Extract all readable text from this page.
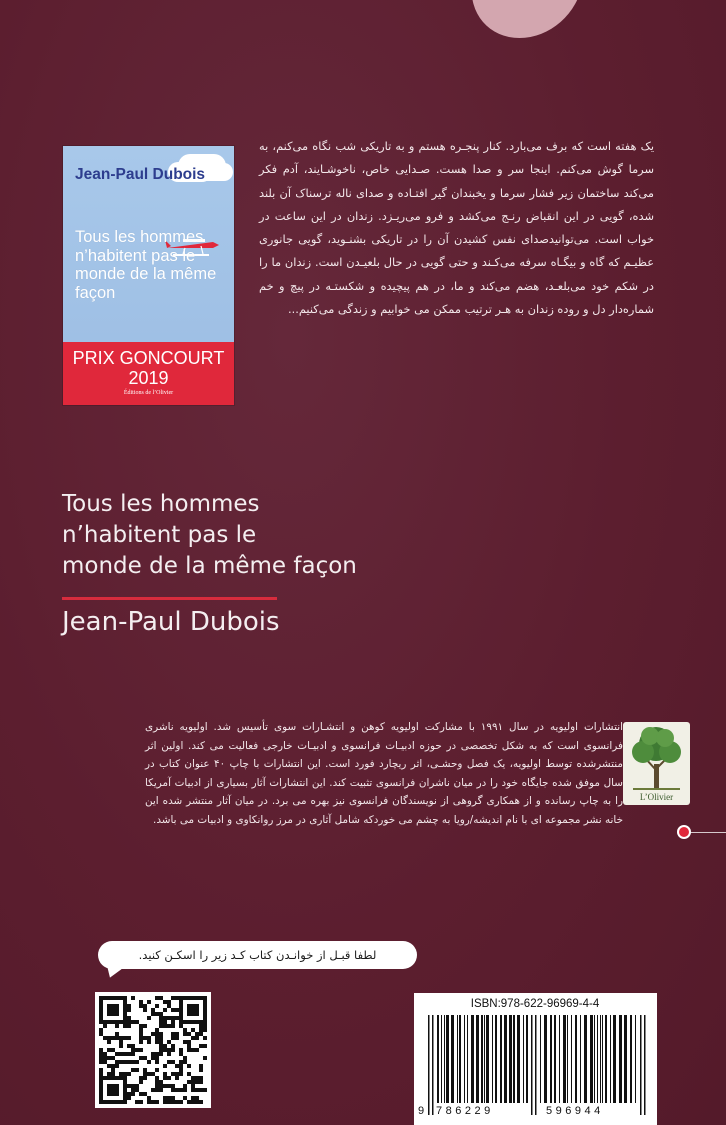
Jean-Paul Dubois
Tous les hommes n’habitent pas le monde de la même façon
PRIX GONCOURT
2019
Éditions de l’Olivier
یک هفته است که برف می‌بارد. کنار پنجـره هستم و به تاریکی شب نگاه می‌کنم، به سرما گوش می‌کنم. اینجا سر و صدا هست. صـدایی خاص، ناخوشـایند، آدم فکر می‌کند ساختمان زیر فشار سرما و یخبندان گیر افتـاده و صدای ناله ترسناک آن بلند شده، گویی در این انقباض رنـج می‌کشد و فرو می‌ریـزد. زندان در این ساعت در خواب است. می‌توانیدصدای نفس کشیدن آن را در تاریکی بشنـوید، گویی جانوری عظیـم که گاه و بیگـاه سرفه می‌کـند و حتی گویی در حال بلعیـدن است. زندان ما را در شکم خود می‌بلعـد، هضم می‌کند و ما، در هم پیچیده و شکستـه در پیچ و خم شماره‌دار دل و روده زندان به هـر ترتیب ممکن می خوابیم و زندگی می‌کنیم...
Tous les hommes
n’habitent pas le
monde de la même façon
Jean-Paul Dubois
انتشارات اولیویه در سال ۱۹۹۱ با مشارکت اولیویه کوهن و انتشـارات سوی تأسیس شد. اولیویه ناشری فرانسوی است که به شکل تخصصی در حوزه ادبیـات فرانسوی و ادبیـات خارجی فعالیت می کند. اولین اثر منتشرشده توسط اولیویه، یک فصل وحشـی، اثر ریچارد فورد است. این انتشارات با چاپ ۴۰ عنوان کتاب در سال موفق شده جایگاه خود را در میان ناشران فرانسوی تثبیت کند. این انتشارات آثار بسیاری از ادبیات آمریکا را به چاپ رسانده و از همکاری گروهی از نویسندگان فرانسوی نیز بهره می برد. در میان آثار منتشر شده این خانه نشر مجموعه ای با نام اندیشه/رویا به چشم می خوردکه شامل آثاری در مرز روانکاوی و ادبیات می باشد.
L’Olivier
لطفا قبـل از خوانـدن کتاب کـد زیر را اسکـن کنید.
ISBN:978-622-96969-4-4
9 786229	596944
